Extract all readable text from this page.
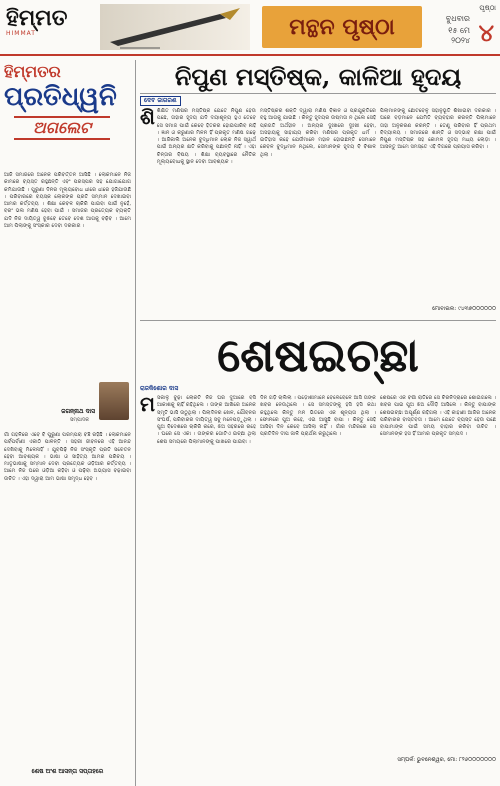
ହିମ୍ମତ
HIMMAT	ମନ୍ଥନ ପୃଷ୍ଠା
ପୃଷ୍ଠା
୪
ବୁଧବାର
୧୫ ମେ ୨୦୨୪
ହିମ୍ମତର
ପ୍ରତିଧ୍ୱନି
ଅଗଲେଟ
ଆଜି ସମାଜରେ ଅନେକ ପରିବର୍ତ୍ତନ ଆସିଛି । ଲୋକମାନେ ନିଜ କାମରେ ବ୍ୟସ୍ତ ରହୁଛନ୍ତି ଏବଂ ପରସ୍ପର ସହ ଯୋଗାଯୋଗ କମିଯାଉଛି । ପୁରୁଣା ଦିନର ମୂଲ୍ୟବୋଧ ଧୀରେ ଧୀରେ ହଜିଯାଉଛି । ପରିବାରରେ ବୟସ୍କ ଲୋକଙ୍କ ପ୍ରତି ସମ୍ମାନ ଦେଖାଇବା ଆମର କର୍ତ୍ତବ୍ୟ । ଶିକ୍ଷା କେବଳ ଚାକିରି ପାଇବା ପାଇଁ ନୁହେଁ, ବରଂ ଭଲ ମଣିଷ ହେବା ପାଇଁ । ସମାଜର ପ୍ରତ୍ୟେକ ବ୍ୟକ୍ତି ଯଦି ନିଜ ଦାୟିତ୍ୱ ବୁଝିବେ ତେବେ ଦେଶ ଆଗକୁ ବଢ଼ିବ । ଆମେ ଆମ ପିଲାଙ୍କୁ ସଂସ୍କାର ଦେବା ଦରକାର ।
ଜଗନ୍ନାଥ ଦାସ
ସମ୍ପାଦକ
ଗାଁ ଗହଳିରେ ଏବେ ବି ପୁରୁଣା ପରମ୍ପରା ବଞ୍ଚି ରହିଛି । ଲୋକମାନେ ପର୍ବପର୍ବାଣୀ ଏକାଠି ପାଳନ୍ତି । ସହରୀ ଜୀବନରେ ଏହି ଆନନ୍ଦ ଦେଖିବାକୁ ମିଳେନାହିଁ । ଯୁବପିଢ଼ି ନିଜ ସଂସ୍କୃତି ପ୍ରତି ସଚେତନ ହେବା ଆବଶ୍ୟକ । ଭାଷା ଓ ସାହିତ୍ୟ ଆମର ପରିଚୟ । ମାତୃଭାଷାକୁ ସମ୍ମାନ ଦେବା ପ୍ରତ୍ୟେକ ଓଡ଼ିଆର କର୍ତ୍ତବ୍ୟ । ଆମେ ନିଜ ଘରେ ଓଡ଼ିଆ କହିବା ଓ ପଢ଼ିବା ଅଭ୍ୟାସ ବଢ଼ାଇବା ଉଚିତ । ଏହା ଦ୍ୱାରା ଆମ ଭାଷା ସମୃଦ୍ଧ ହେବ ।
ଶେଷ ଅଂଶ ଆସନ୍ତା ସପ୍ତାହରେ
ନିପୁଣ ମସ୍ତିଷ୍କ, କାଳିଆ ହୃଦୟ
ଦେବ ଜାଗରଣ
ଶି ଶିକ୍ଷିତ ମଣିଷର ମସ୍ତିଷ୍କ ଯେତେ ନିପୁଣ ହେଉ ପଛେ, ତାହାର ହୃଦୟ ଯଦି ଦୟାଶୂନ୍ୟ ହୁଏ ତେବେ ସେ ସମାଜ ପାଇଁ କେବେ ହିତକର ହୋଇପାରିବ ନାହିଁ । ଜ୍ଞାନ ଓ କରୁଣାର ମିଳନ ହିଁ ପ୍ରକୃତ ମଣିଷ ଗଢ଼େ । ଆଜିକାଲି ଅନେକ ବୁଦ୍ଧିମାନ ଲୋକ ନିଜ ସ୍ୱାର୍ଥ ପାଇଁ ଅନ୍ୟର କ୍ଷତି କରିବାକୁ ପଛାନ୍ତି ନାହିଁ । ଏହା ଚିନ୍ତାର ବିଷୟ । ଶିକ୍ଷା ବ୍ୟବସ୍ଥାରେ ନୈତିକ ମୂଲ୍ୟବୋଧକୁ ସ୍ଥାନ ଦେବା ଆବଶ୍ୟକ ।
ମସ୍ତିଷ୍କର ଶକ୍ତି ଦ୍ୱାରା ମଣିଷ ବିଜ୍ଞାନ ଓ ପ୍ରଯୁକ୍ତିରେ ବହୁ ଆଗକୁ ଯାଇଛି । କିନ୍ତୁ ହୃଦୟର ଉଷ୍ମତା ନ ଥିଲେ ସେହି ପ୍ରଗତି ଅର୍ଥହୀନ । ଅନ୍ୟର ଦୁଃଖରେ ଦୁଃଖୀ ହେବା, ଅସହାୟକୁ ସାହାଯ୍ୟ କରିବା ମଣିଷର ପ୍ରକୃତ ଧର୍ମ । ଇତିହାସ କହେ ଯେଉଁମାନେ ମହାନ ହୋଇଛନ୍ତି ସେମାନେ କେବଳ ବୁଦ୍ଧିମାନ ନଥିଲେ, ସେମାନଙ୍କ ହୃଦୟ ବି ବିଶାଳ ଥିଲା ।
ପିଲାମାନଙ୍କୁ ଛୋଟବେଳୁ ସହାନୁଭୂତି ଶିଖାଇବା ଦରକାର । ଘରେ ବଡ଼ମାନେ ଯେମିତି ବ୍ୟବହାର କରନ୍ତି ପିଲାମାନେ ତାହା ଅନୁକରଣ କରନ୍ତି । ତେଣୁ ପରିବାର ହିଁ ପ୍ରଥମ ବିଦ୍ୟାଳୟ । ସମାଜରେ ଶାନ୍ତି ଓ ସଦ୍ଭାବ ରକ୍ଷା ପାଇଁ ନିପୁଣ ମସ୍ତିଷ୍କ ସହ କୋମଳ ହୃଦୟ ମଧ୍ୟ ଲୋଡ଼ା । ଆସନ୍ତୁ ଆମେ ସମସ୍ତେ ଏହି ଦିଗରେ ପ୍ରୟାସ କରିବା ।
ମୋବାଇଲ: ୯୪୩୭୦୦୦୦୦୦
ଶେଷଇଚ୍ଛା
ରାଜକିଶୋର ଦାସ
ମ ସକାଳୁ ବୁଢ଼ା ଲୋକଟି ନିଜ ଘର ଦୁଆରେ ବସି ଆକାଶକୁ ଚାହିଁ ରହିଥିଲେ । ତାଙ୍କ ଆଖିରେ ଅନେକ ସ୍ମୃତି ଭାସି ଉଠୁଥିଲା । ପିଲାଦିନର ଖେଳ, ଯୌବନର ସଂଘର୍ଷ, ପରିବାରର ଦାୟିତ୍ୱ ସବୁ ମନେପଡ଼ୁଥିଲା । ପୁଅ ବିଦେଶରେ ଚାକିରି କରେ, ଝିଅ ସହରରେ ରହେ । ଘରେ ସେ ଏକା । ତାଙ୍କର ଗୋଟିଏ ଇଚ୍ଛା ଥିଲା ଶେଷ ସମୟରେ ପିଲାମାନଙ୍କୁ ପାଖରେ ପାଇବା ।
ଦିନ ଗଡ଼ି ଚାଲିଲା । ପଡ଼ୋଶୀମାନେ ବେଳେବେଳେ ଆସି ତାଙ୍କ ଖବର ନେଉଥିଲେ । ସେ ସମସ୍ତଙ୍କୁ ହସି ହସି କଥା କହୁଥିଲେ କିନ୍ତୁ ମନ ଭିତରେ ଏକ ଶୂନ୍ୟତା ଥିଲା । ଫୋନରେ ପୁଅ କହେ, ଏଇ ଆସୁଛି ବାପା । କିନ୍ତୁ ସେହି ଆସିବା ଦିନ କେବେ ଆସିଲା ନାହିଁ । ଗାଁର ମନ୍ଦିରରେ ସେ ପ୍ରତିଦିନ ଦୀପ ଜାଳି ପ୍ରାର୍ଥନା କରୁଥିଲେ ।
ଶେଷରେ ଏକ ବର୍ଷା ରାତିରେ ସେ ଚିରନିଦ୍ରାରେ ଶୋଇଗଲେ । ଖବର ପାଇ ପୁଅ ଝିଅ ଦୌଡ଼ି ଆସିଲେ । କିନ୍ତୁ ବାପାଙ୍କ ଶେଷଇଚ୍ଛା ଅପୂର୍ଣ୍ଣ ରହିଗଲା । ଏହି କାହାଣୀ ଆଜିର ଅନେକ ପରିବାରର ବାସ୍ତବତା । ଆମେ ଯେତେ ବ୍ୟସ୍ତ ହେଉ ପଛେ ବାପାମାଙ୍କ ପାଇଁ ସମୟ ବାହାର କରିବା ଉଚିତ । ସେମାନଙ୍କ ହସ ହିଁ ଆମର ପ୍ରକୃତ ସମ୍ପଦ ।
ସମ୍ପର୍କ: ଭୁବନେଶ୍ୱର, ମୋ: ୮୨୬୦୦୦୦୦୦୦
